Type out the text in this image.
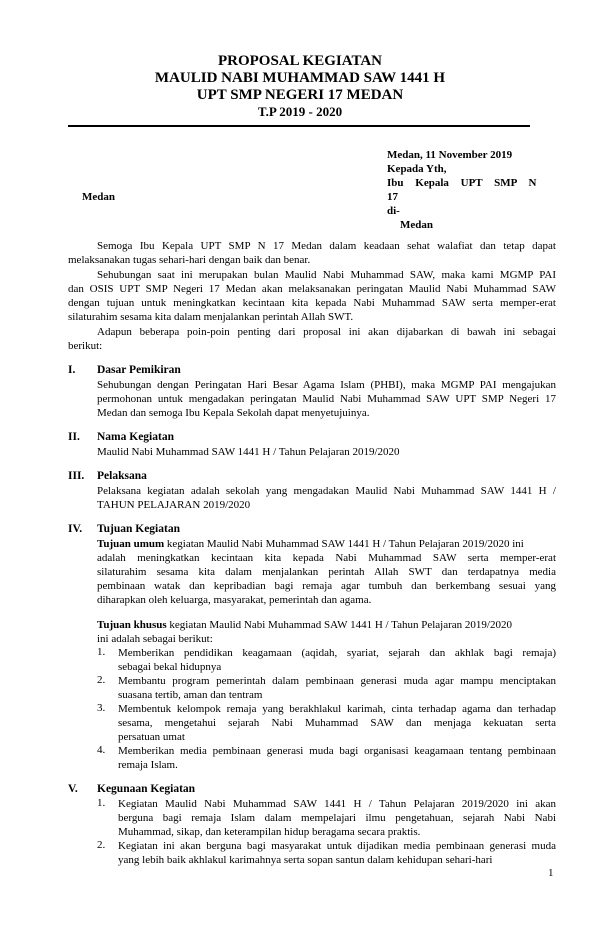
PROPOSAL KEGIATAN
MAULID NABI MUHAMMAD SAW 1441 H
UPT SMP NEGERI 17 MEDAN
T.P 2019 - 2020
Medan, 11 November 2019
Kepada Yth,
Ibu Kepala UPT SMP N 17
Medan
di-
Medan
Semoga Ibu Kepala UPT SMP N 17 Medan dalam keadaan sehat walafiat dan tetap dapat
melaksanakan tugas sehari-hari dengan baik dan benar.
Sehubungan saat ini merupakan bulan Maulid Nabi Muhammad SAW, maka kami MGMP PAI
dan OSIS UPT SMP Negeri 17 Medan akan melaksanakan peringatan Maulid Nabi Muhammad SAW
dengan tujuan untuk meningkatkan kecintaan kita kepada Nabi Muhammad SAW serta memper-erat
silaturahim sesama kita dalam menjalankan perintah Allah SWT.
Adapun beberapa poin-poin penting dari proposal ini akan dijabarkan di bawah ini sebagai
berikut:
I. Dasar Pemikiran
Sehubungan dengan Peringatan Hari Besar Agama Islam (PHBI), maka MGMP PAI mengajukan
permohonan untuk mengadakan peringatan Maulid Nabi Muhammad SAW UPT SMP Negeri 17
Medan dan semoga Ibu Kepala Sekolah dapat menyetujuinya.
II. Nama Kegiatan
Maulid Nabi Muhammad SAW 1441 H / Tahun Pelajaran 2019/2020
III. Pelaksana
Pelaksana kegiatan adalah sekolah yang mengadakan Maulid Nabi Muhammad SAW 1441 H /
TAHUN PELAJARAN 2019/2020
IV. Tujuan Kegiatan
Tujuan umum kegiatan Maulid Nabi Muhammad SAW 1441 H / Tahun Pelajaran 2019/2020 ini
adalah meningkatkan kecintaan kita kepada Nabi Muhammad SAW serta memper-erat
silaturahim sesama kita dalam menjalankan perintah Allah SWT dan terdapatnya media
pembinaan watak dan kepribadian bagi remaja agar tumbuh dan berkembang sesuai yang
diharapkan oleh keluarga, masyarakat, pemerintah dan agama.
Tujuan khusus kegiatan Maulid Nabi Muhammad SAW 1441 H / Tahun Pelajaran 2019/2020
ini adalah sebagai berikut:
1. Memberikan pendidikan keagamaan (aqidah, syariat, sejarah dan akhlak bagi remaja)
sebagai bekal hidupnya
2. Membantu program pemerintah dalam pembinaan generasi muda agar mampu menciptakan
suasana tertib, aman dan tentram
3. Membentuk kelompok remaja yang berakhlakul karimah, cinta terhadap agama dan terhadap
sesama, mengetahui sejarah Nabi Muhammad SAW dan menjaga kekuatan serta
persatuan umat
4. Memberikan media pembinaan generasi muda bagi organisasi keagamaan tentang pembinaan
remaja Islam.
V. Kegunaan Kegiatan
1. Kegiatan Maulid Nabi Muhammad SAW 1441 H / Tahun Pelajaran 2019/2020 ini akan
berguna bagi remaja Islam dalam mempelajari ilmu pengetahuan, sejarah Nabi Nabi
Muhammad, sikap, dan keterampilan hidup beragama secara praktis.
2. Kegiatan ini akan berguna bagi masyarakat untuk dijadikan media pembinaan generasi muda
yang lebih baik akhlakul karimahnya serta sopan santun dalam kehidupan sehari-hari
1
